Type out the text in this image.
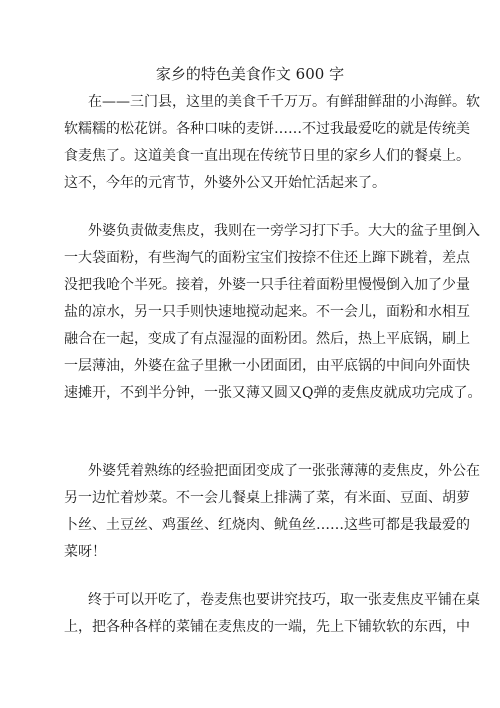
家乡的特色美食作文 600 字
在——三门县，这里的美食千千万万。有鲜甜鲜甜的小海鲜。软
软糯糯的松花饼。各种口味的麦饼……不过我最爱吃的就是传统美
食麦焦了。这道美食一直出现在传统节日里的家乡人们的餐桌上。
这不，今年的元宵节，外婆外公又开始忙活起来了。
外婆负责做麦焦皮，我则在一旁学习打下手。大大的盆子里倒入
一大袋面粉，有些淘气的面粉宝宝们按捺不住还上蹿下跳着，差点
没把我呛个半死。接着，外婆一只手往着面粉里慢慢倒入加了少量
盐的凉水，另一只手则快速地搅动起来。不一会儿，面粉和水相互
融合在一起，变成了有点湿湿的面粉团。然后，热上平底锅，刷上
一层薄油，外婆在盆子里揪一小团面团，由平底锅的中间向外面快
速摊开，不到半分钟，一张又薄又圆又Q弹的麦焦皮就成功完成了。
外婆凭着熟练的经验把面团变成了一张张薄薄的麦焦皮，外公在
另一边忙着炒菜。不一会儿餐桌上排满了菜，有米面、豆面、胡萝
卜丝、土豆丝、鸡蛋丝、红烧肉、鱿鱼丝……这些可都是我最爱的
菜呀！
终于可以开吃了，卷麦焦也要讲究技巧，取一张麦焦皮平铺在桌
上，把各种各样的菜铺在麦焦皮的一端，先上下铺软软的东西，中
